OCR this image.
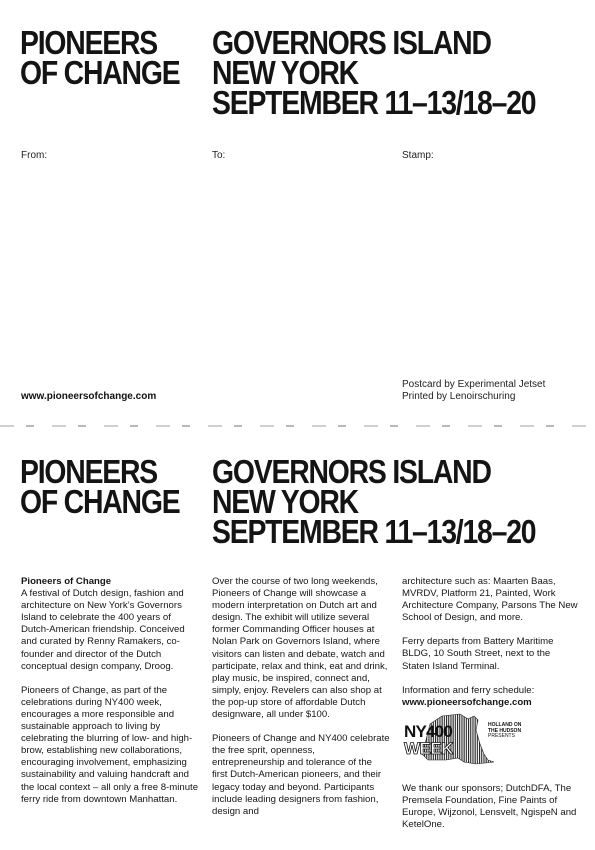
PIONEERS
OF CHANGE
GOVERNORS ISLAND
NEW YORK
SEPTEMBER 11–13/18–20
From:	To:	Stamp:
www.pioneersofchange.com
Postcard by Experimental Jetset
Printed by Lenoirschuring
PIONEERS
OF CHANGE
GOVERNORS ISLAND
NEW YORK
SEPTEMBER 11–13/18–20
Pioneers of Change

A festival of Dutch design, fashion and architecture on New York’s Governors Island to celebrate the 400 years of Dutch-American friendship. Conceived and curated by Renny Ramakers, co-founder and director of the Dutch conceptual design company, Droog.

Pioneers of Change, as part of the celebrations during NY400 week, encourages a more responsible and sustainable approach to living by celebrating the blurring of low- and high-brow, establishing new collaborations, encouraging involvement, emphasizing sustainability and valuing handcraft and the local context – all only a free 8-minute ferry ride from downtown Manhattan.

Over the course of two long weekends, Pioneers of Change will showcase a modern interpretation on Dutch art and design. The exhibit will utilize several former Commanding Officer houses at Nolan Park on Governors Island, where visitors can listen and debate, watch and participate, relax and think, eat and drink, play music, be inspired, connect and, simply, enjoy. Revelers can also shop at the pop-up store of affordable Dutch designware, all under $100.

Pioneers of Change and NY400 celebrate the free sprit, openness, entrepreneurship and tolerance of the first Dutch-American pioneers, and their legacy today and beyond. Participants include leading designers from fashion, design and

architecture such as: Maarten Baas, MVRDV, Platform 21, Painted, Work Architecture Company, Parsons The New School of Design, and more.

Ferry departs from Battery Maritime BLDG, 10 South Street, next to the Staten Island Terminal.

Information and ferry schedule:
www.pioneersofchange.com
NY400
WEEK
HOLLAND ON
THE HUDSON
PRESENTS
We thank our sponsors; DutchDFA, The Premsela Foundation, Fine Paints of Europe, Wijzonol, Lensvelt, NgispeN and KetelOne.
